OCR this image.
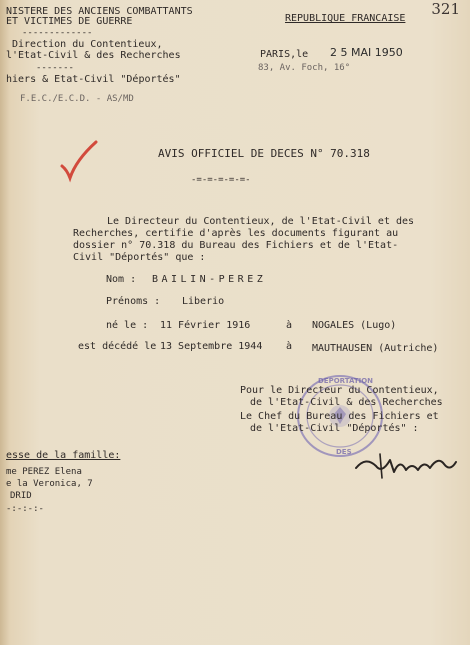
321
NISTERE DES ANCIENS COMBATTANTS
ET VICTIMES DE GUERRE
-------------
Direction du Contentieux,
l'Etat-Civil & des Recherches
-------
hiers & Etat-Civil "Déportés"
F.E.C./E.C.D. - AS/MD
REPUBLIQUE FRANCAISE
PARIS,le 2 5 MAI 1950
83, Av. Foch, 16°
AVIS OFFICIEL DE DECES N° 70.318
-=-=-=-=-=-
Le Directeur du Contentieux, de l'Etat-Civil et des
Recherches, certifie d'après les documents figurant au
dossier n° 70.318 du Bureau des Fichiers et de l'Etat-
Civil "Déportés" que :
Nom : BAILIN-PEREZ
Prénoms : Liberio
né le : 11 Février 1916	à NOGALES (Lugo)
est décédé le 13 Septembre 1944 à MAUTHAUSEN (Autriche)
DEPORTATION
DES
Pour le Directeur du Contentieux,
de l'Etat-Civil & des Recherches
Le Chef du Bureau des Fichiers et
de l'Etat-Civil "Déportés" :
esse de la famille:
me PEREZ Elena
e la Veronica, 7
DRID
-:-:-:-
